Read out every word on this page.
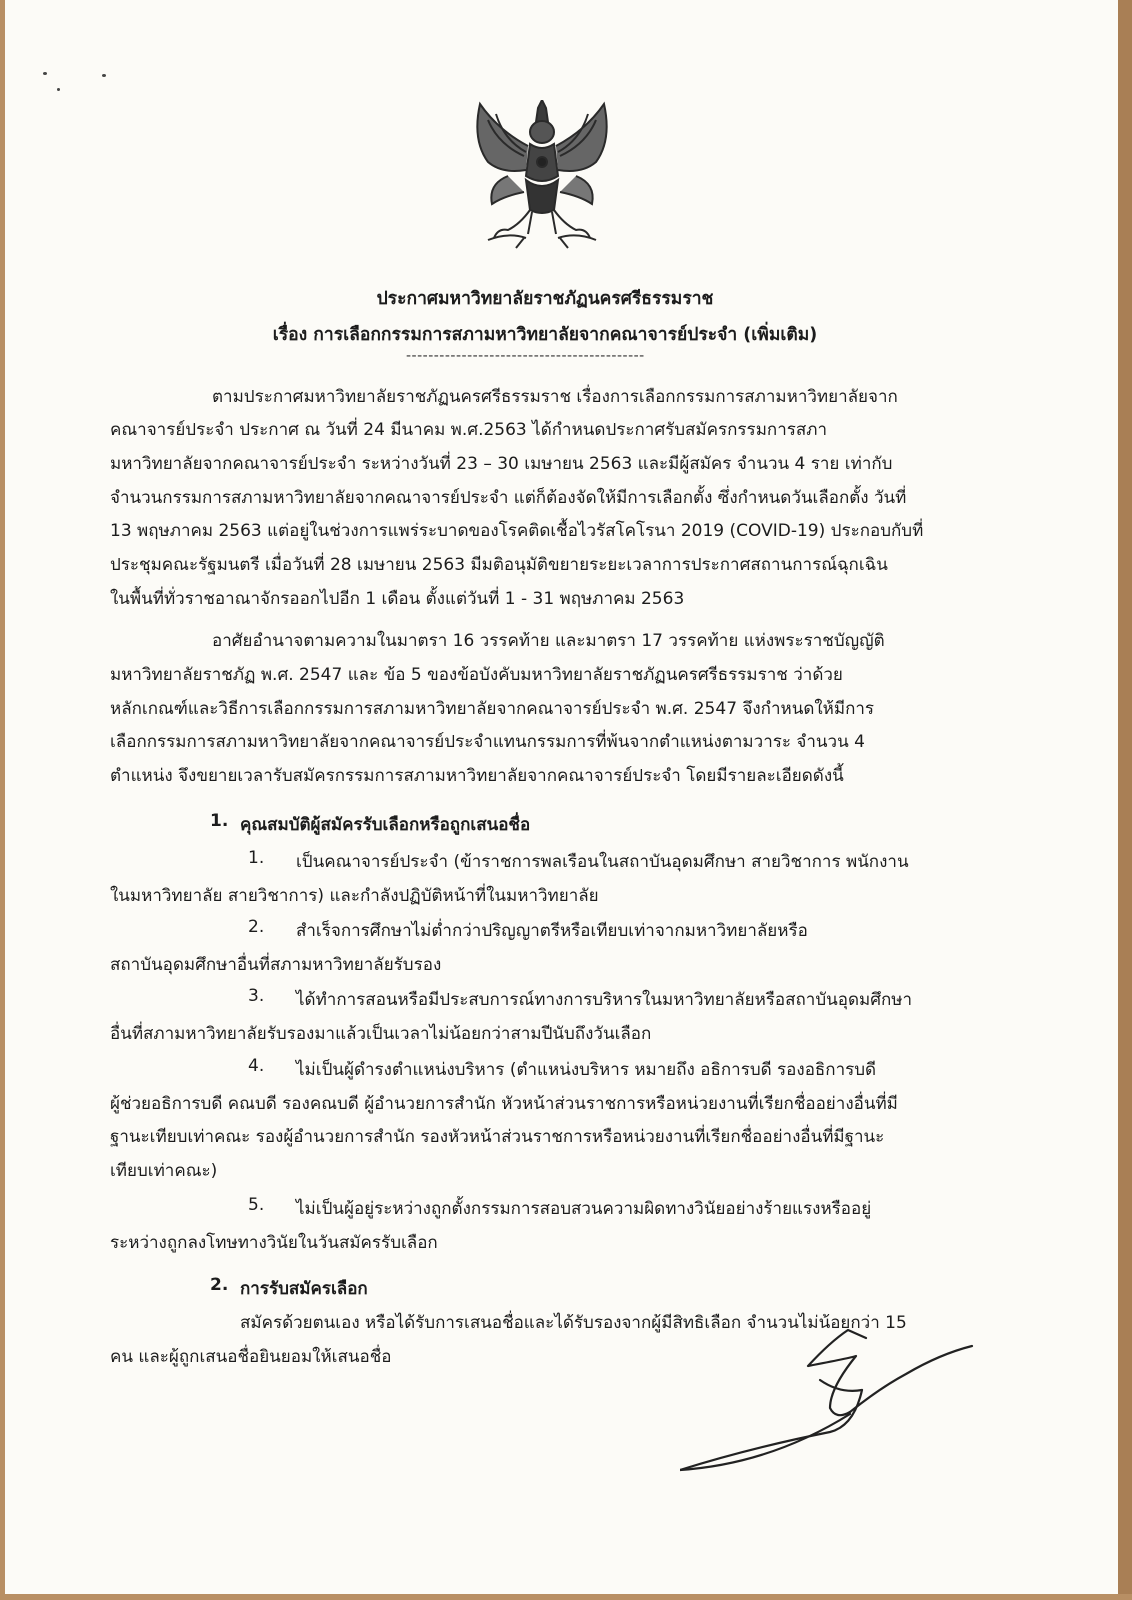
ประกาศมหาวิทยาลัยราชภัฏนครศรีธรรมราช
เรื่อง การเลือกกรรมการสภามหาวิทยาลัยจากคณาจารย์ประจำ (เพิ่มเติม)
-------------------------------------------
ตามประกาศมหาวิทยาลัยราชภัฏนครศรีธรรมราช เรื่องการเลือกกรรมการสภามหาวิทยาลัยจาก
คณาจารย์ประจำ ประกาศ ณ วันที่ 24 มีนาคม พ.ศ.2563 ได้กำหนดประกาศรับสมัครกรรมการสภา
มหาวิทยาลัยจากคณาจารย์ประจำ ระหว่างวันที่ 23 – 30 เมษายน 2563 และมีผู้สมัคร จำนวน 4 ราย เท่ากับ
จำนวนกรรมการสภามหาวิทยาลัยจากคณาจารย์ประจำ แต่ก็ต้องจัดให้มีการเลือกตั้ง ซึ่งกำหนดวันเลือกตั้ง วันที่
13 พฤษภาคม 2563 แต่อยู่ในช่วงการแพร่ระบาดของโรคติดเชื้อไวรัสโคโรนา 2019 (COVID-19) ประกอบกับที่
ประชุมคณะรัฐมนตรี เมื่อวันที่ 28 เมษายน 2563 มีมติอนุมัติขยายระยะเวลาการประกาศสถานการณ์ฉุกเฉิน
ในพื้นที่ทั่วราชอาณาจักรออกไปอีก 1 เดือน ตั้งแต่วันที่ 1 - 31 พฤษภาคม 2563
อาศัยอำนาจตามความในมาตรา 16 วรรคท้าย และมาตรา 17 วรรคท้าย แห่งพระราชบัญญัติ
มหาวิทยาลัยราชภัฏ พ.ศ. 2547 และ ข้อ 5 ของข้อบังคับมหาวิทยาลัยราชภัฏนครศรีธรรมราช ว่าด้วย
หลักเกณฑ์และวิธีการเลือกกรรมการสภามหาวิทยาลัยจากคณาจารย์ประจำ พ.ศ. 2547 จึงกำหนดให้มีการ
เลือกกรรมการสภามหาวิทยาลัยจากคณาจารย์ประจำแทนกรรมการที่พ้นจากตำแหน่งตามวาระ จำนวน 4
ตำแหน่ง จึงขยายเวลารับสมัครกรรมการสภามหาวิทยาลัยจากคณาจารย์ประจำ โดยมีรายละเอียดดังนี้
1. คุณสมบัติผู้สมัครรับเลือกหรือถูกเสนอชื่อ
1. เป็นคณาจารย์ประจำ (ข้าราชการพลเรือนในสถาบันอุดมศึกษา สายวิชาการ พนักงาน
ในมหาวิทยาลัย สายวิชาการ) และกำลังปฏิบัติหน้าที่ในมหาวิทยาลัย
2. สำเร็จการศึกษาไม่ต่ำกว่าปริญญาตรีหรือเทียบเท่าจากมหาวิทยาลัยหรือ
สถาบันอุดมศึกษาอื่นที่สภามหาวิทยาลัยรับรอง
3. ได้ทำการสอนหรือมีประสบการณ์ทางการบริหารในมหาวิทยาลัยหรือสถาบันอุดมศึกษา
อื่นที่สภามหาวิทยาลัยรับรองมาแล้วเป็นเวลาไม่น้อยกว่าสามปีนับถึงวันเลือก
4. ไม่เป็นผู้ดำรงตำแหน่งบริหาร (ตำแหน่งบริหาร หมายถึง อธิการบดี รองอธิการบดี
ผู้ช่วยอธิการบดี คณบดี รองคณบดี ผู้อำนวยการสำนัก หัวหน้าส่วนราชการหรือหน่วยงานที่เรียกชื่ออย่างอื่นที่มี
ฐานะเทียบเท่าคณะ รองผู้อำนวยการสำนัก รองหัวหน้าส่วนราชการหรือหน่วยงานที่เรียกชื่ออย่างอื่นที่มีฐานะ
เทียบเท่าคณะ)
5. ไม่เป็นผู้อยู่ระหว่างถูกตั้งกรรมการสอบสวนความผิดทางวินัยอย่างร้ายแรงหรืออยู่
ระหว่างถูกลงโทษทางวินัยในวันสมัครรับเลือก
2. การรับสมัครเลือก
สมัครด้วยตนเอง หรือได้รับการเสนอชื่อและได้รับรองจากผู้มีสิทธิเลือก จำนวนไม่น้อยกว่า 15
คน และผู้ถูกเสนอชื่อยินยอมให้เสนอชื่อ
